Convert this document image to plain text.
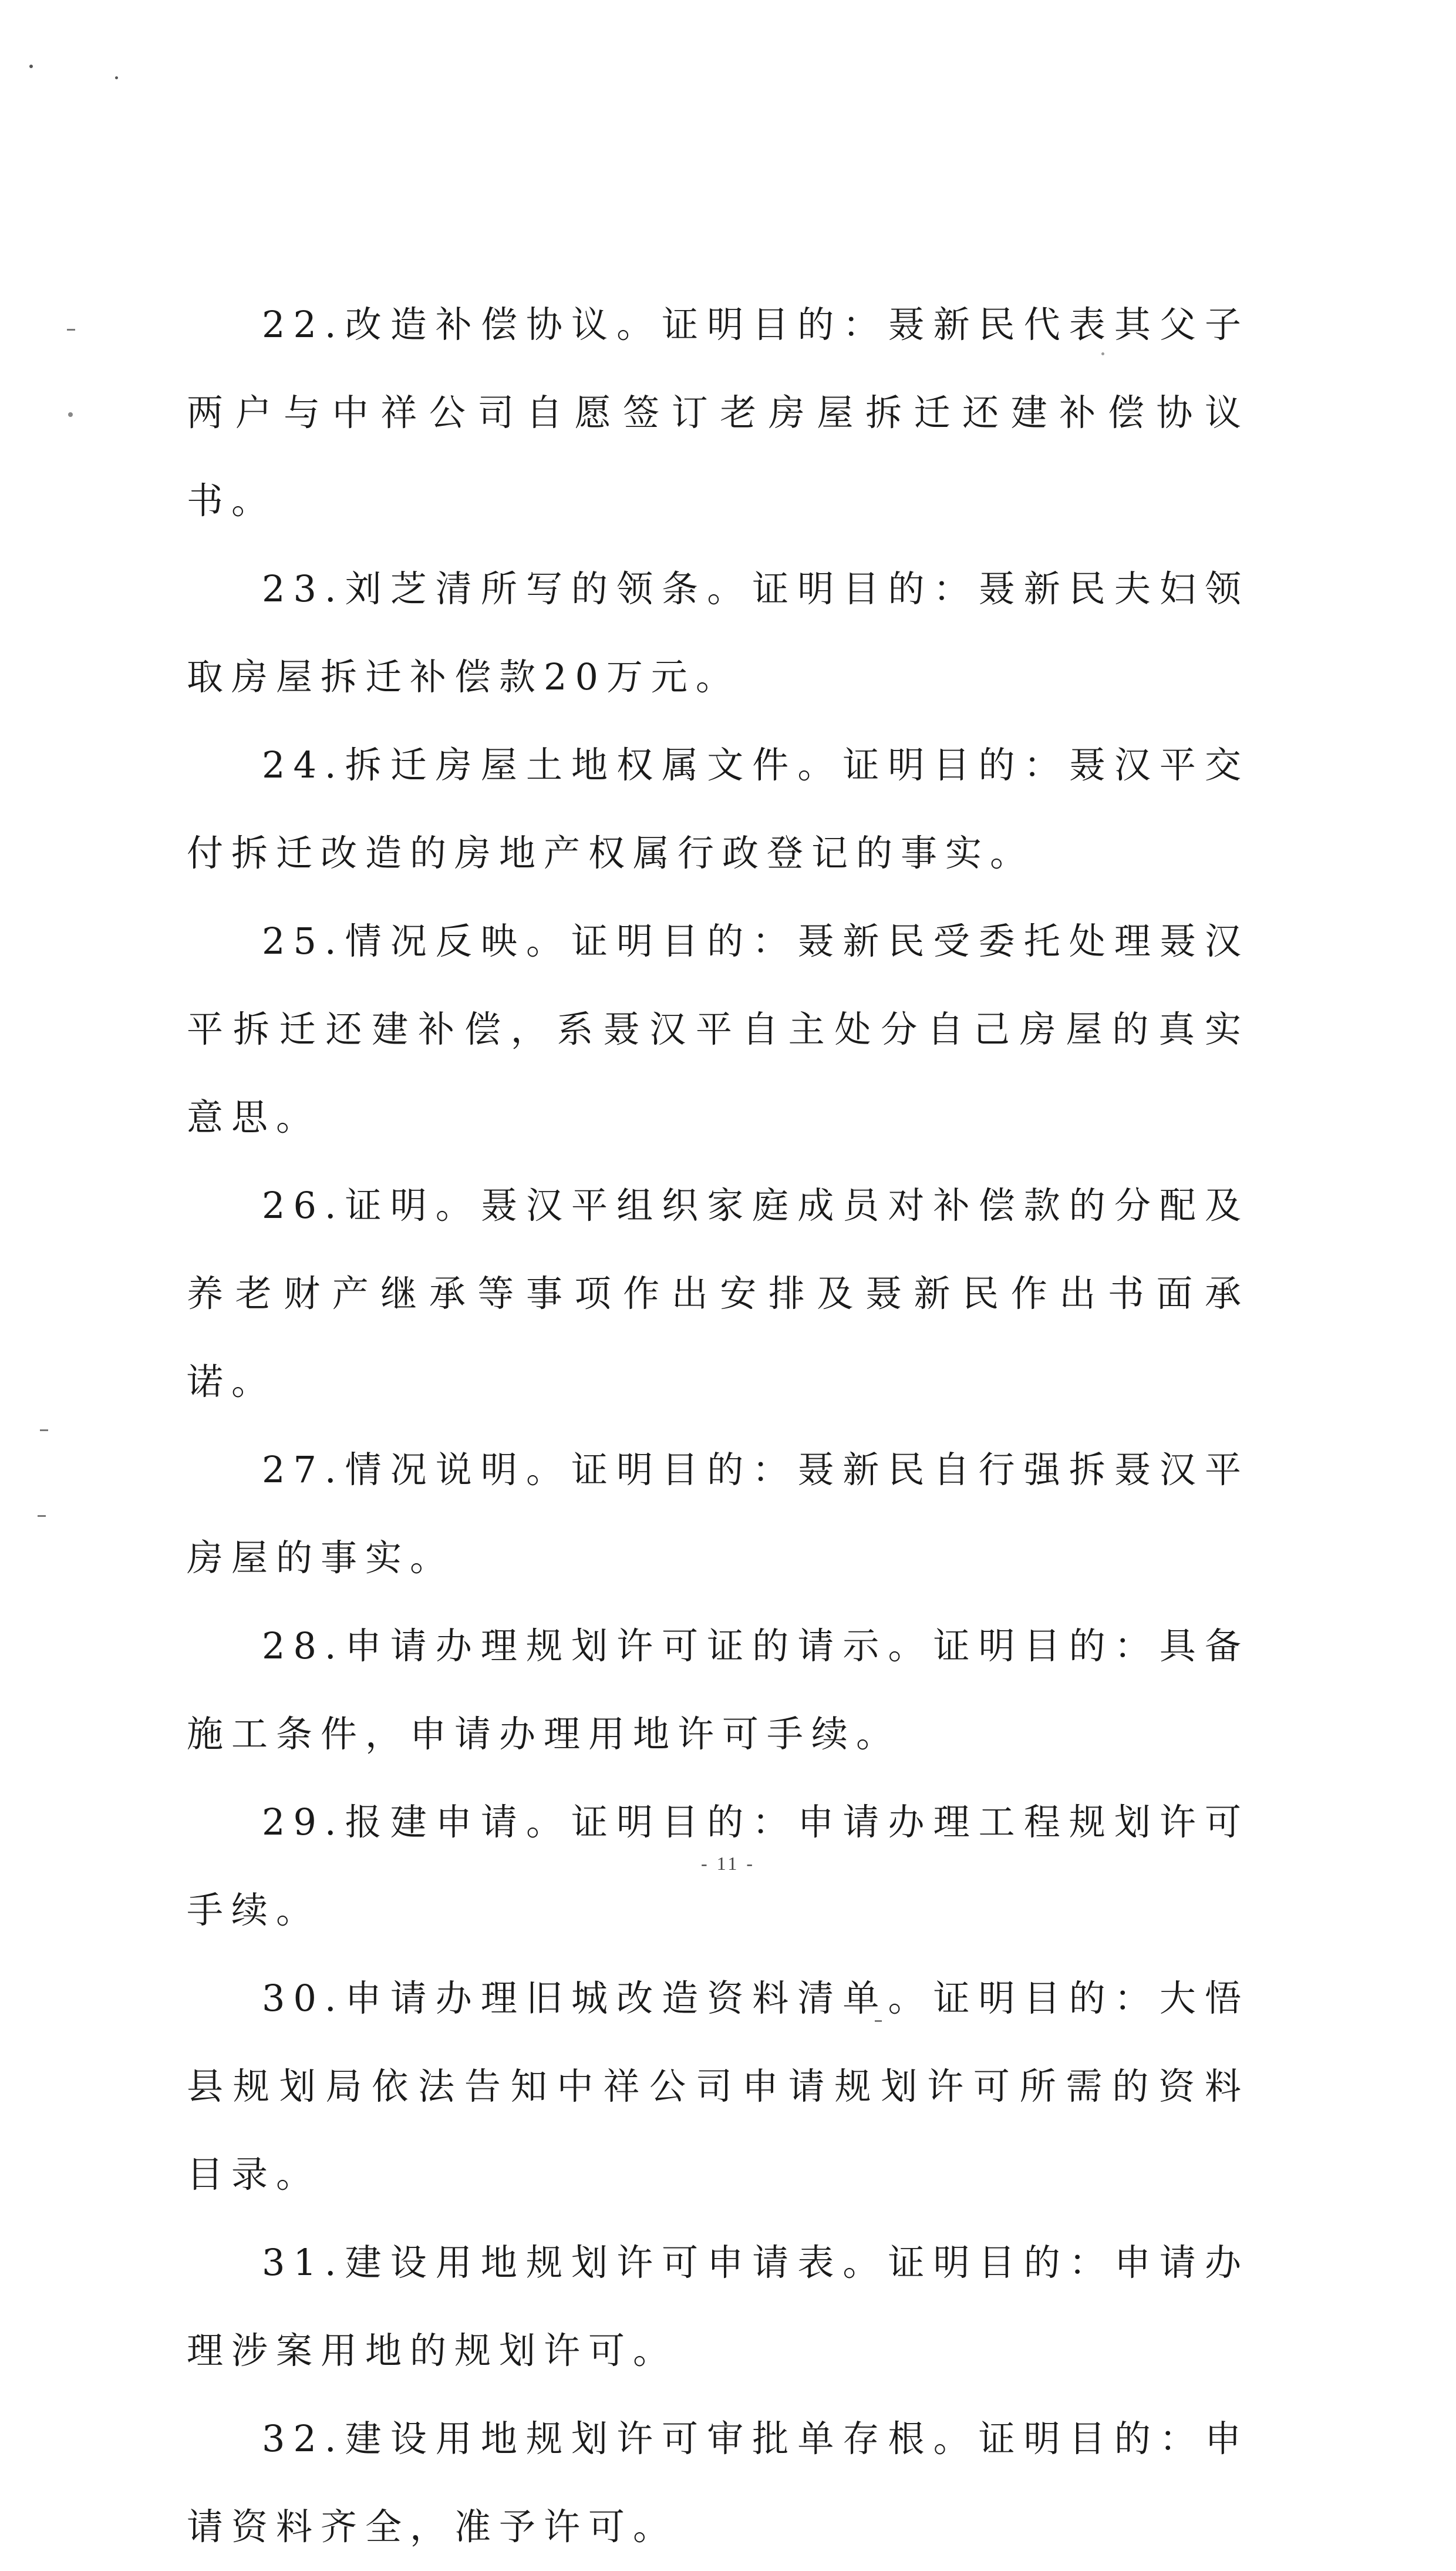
22.改造补偿协议。证明目的：聂新民代表其父子两户与中祥公司自愿签订老房屋拆迁还建补偿协议书。

23.刘芝清所写的领条。证明目的：聂新民夫妇领取房屋拆迁补偿款20万元。

24.拆迁房屋土地权属文件。证明目的：聂汉平交付拆迁改造的房地产权属行政登记的事实。

25.情况反映。证明目的：聂新民受委托处理聂汉平拆迁还建补偿，系聂汉平自主处分自己房屋的真实意思。

26.证明。聂汉平组织家庭成员对补偿款的分配及养老财产继承等事项作出安排及聂新民作出书面承诺。

27.情况说明。证明目的：聂新民自行强拆聂汉平房屋的事实。

28.申请办理规划许可证的请示。证明目的：具备施工条件，申请办理用地许可手续。

29.报建申请。证明目的：申请办理工程规划许可手续。

30.申请办理旧城改造资料清单。证明目的：大悟县规划局依法告知中祥公司申请规划许可所需的资料目录。

31.建设用地规划许可申请表。证明目的：申请办理涉案用地的规划许可。

32.建设用地规划许可审批单存根。证明目的：申请资料齐全，准予许可。

- 11 -
